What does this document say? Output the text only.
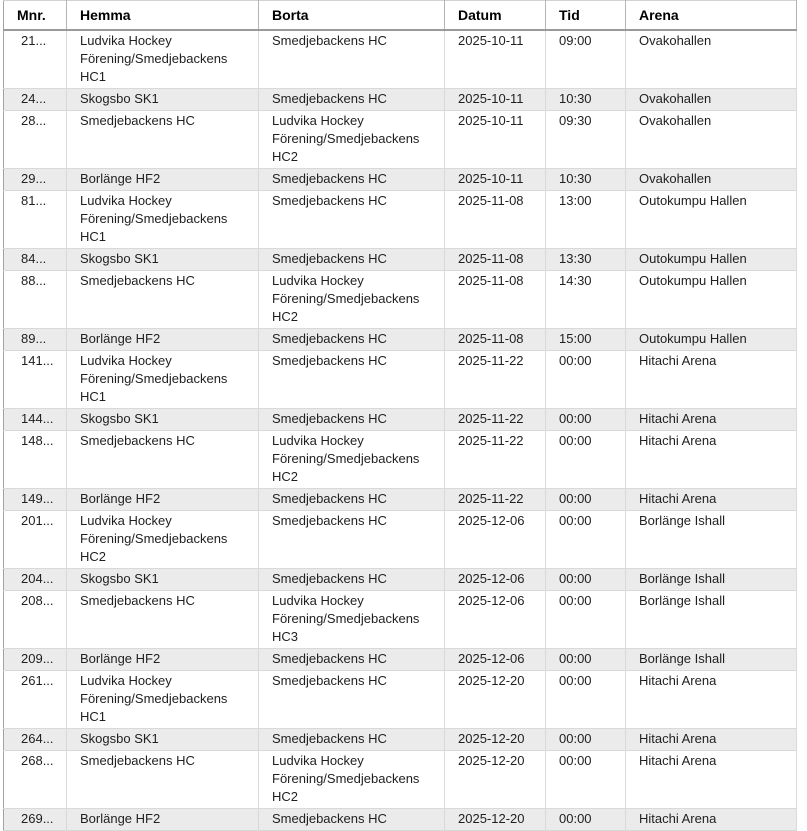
Mnr.	Hemma	Borta	Datum	Tid	Arena
21...	Ludvika Hockey Förening/Smedjebackens HC1	Smedjebackens HC	2025-10-11	09:00	Ovakohallen
24...	Skogsbo SK1	Smedjebackens HC	2025-10-11	10:30	Ovakohallen
28...	Smedjebackens HC	Ludvika Hockey Förening/Smedjebackens HC2	2025-10-11	09:30	Ovakohallen
29...	Borlänge HF2	Smedjebackens HC	2025-10-11	10:30	Ovakohallen
81...	Ludvika Hockey Förening/Smedjebackens HC1	Smedjebackens HC	2025-11-08	13:00	Outokumpu Hallen
84...	Skogsbo SK1	Smedjebackens HC	2025-11-08	13:30	Outokumpu Hallen
88...	Smedjebackens HC	Ludvika Hockey Förening/Smedjebackens HC2	2025-11-08	14:30	Outokumpu Hallen
89...	Borlänge HF2	Smedjebackens HC	2025-11-08	15:00	Outokumpu Hallen
141...	Ludvika Hockey Förening/Smedjebackens HC1	Smedjebackens HC	2025-11-22	00:00	Hitachi Arena
144...	Skogsbo SK1	Smedjebackens HC	2025-11-22	00:00	Hitachi Arena
148...	Smedjebackens HC	Ludvika Hockey Förening/Smedjebackens HC2	2025-11-22	00:00	Hitachi Arena
149...	Borlänge HF2	Smedjebackens HC	2025-11-22	00:00	Hitachi Arena
201...	Ludvika Hockey Förening/Smedjebackens HC2	Smedjebackens HC	2025-12-06	00:00	Borlänge Ishall
204...	Skogsbo SK1	Smedjebackens HC	2025-12-06	00:00	Borlänge Ishall
208...	Smedjebackens HC	Ludvika Hockey Förening/Smedjebackens HC3	2025-12-06	00:00	Borlänge Ishall
209...	Borlänge HF2	Smedjebackens HC	2025-12-06	00:00	Borlänge Ishall
261...	Ludvika Hockey Förening/Smedjebackens HC1	Smedjebackens HC	2025-12-20	00:00	Hitachi Arena
264...	Skogsbo SK1	Smedjebackens HC	2025-12-20	00:00	Hitachi Arena
268...	Smedjebackens HC	Ludvika Hockey Förening/Smedjebackens HC2	2025-12-20	00:00	Hitachi Arena
269...	Borlänge HF2	Smedjebackens HC	2025-12-20	00:00	Hitachi Arena
